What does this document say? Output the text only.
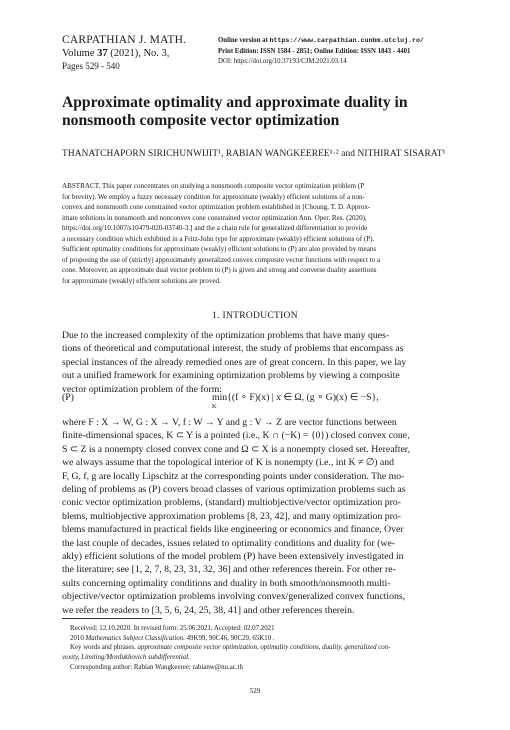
CARPATHIAN J. MATH.
Volume 37 (2021), No. 3,
Pages 529 - 540
Online version at https://www.carpathian.cunbm.utcluj.ro/
Print Edition: ISSN 1584 - 2851; Online Edition: ISSN 1843 - 4401
DOI: https://doi.org/10.37193/CJM.2021.03.14
Approximate optimality and approximate duality in
nonsmooth composite vector optimization
THANATCHAPORN SIRICHUNWIJIT¹, RABIAN WANGKEEREE¹·² and NITHIRAT SISARAT¹
ABSTRACT. This paper concentrates on studying a nonsmooth composite vector optimization problem (P
for brevity). We employ a fuzzy necessary condition for approximate (weakly) efficient solutions of a non-
convex and nonsmooth cone constrained vector optimization problem established in [Choung, T. D. Approx-
imate solutions in nonsmooth and nonconvex cone constrained vector optimization Ann. Oper. Res. (2020),
https://doi.org/10.1007/s10479-020-03740-3.] and the a chain rule for generalized differentiation to provide
a necessary condition which exhibited in a Fritz-John type for approximate (weakly) efficient solutions of (P).
Sufficient optimality conditions for approximate (weakly) efficient solutions to (P) are also provided by means
of proposing the use of (strictly) approximately generalized convex composite vector functions with respect to a
cone. Moreover, an approximate dual vector problem to (P) is given and strong and converse duality assertions
for approximate (weakly) efficient solutions are proved.
1. INTRODUCTION
Due to the increased complexity of the optimization problems that have many ques-
tions of theoretical and computational interest, the study of problems that encompass as
special instances of the already remedied ones are of great concern. In this paper, we lay
out a unified framework for examining optimization problems by viewing a composite
vector optimization problem of the form:
(P)	min{(f ∘ F)(x) | x ∈ Ω, (g ∘ G)(x) ∈ −S},
K
where F : X → W, G : X → V, f : W → Y and g : V → Z are vector functions between
finite-dimensional spaces, K ⊂ Y is a pointed (i.e., K ∩ (−K) = {0}) closed convex cone,
S ⊂ Z is a nonempty closed convex cone and Ω ⊂ X is a nonempty closed set. Hereafter,
we always assume that the topological interior of K is nonempty (i.e., int K ≠ ∅) and
F, G, f, g are locally Lipschitz at the corresponding points under consideration. The mo-
deling of problems as (P) covers broad classes of various optimization problems such as
conic vector optimization problems, (standard) multiobjective/vector optimization pro-
blems, multiobjective approximation problems [8, 23, 42], and many optimization pro-
blems manufactured in practical fields like engineering or economics and finance, Over
the last couple of decades, issues related to optimality conditions and duality for (we-
akly) efficient solutions of the model problem (P) have been extensively investigated in
the literature; see [1, 2, 7, 8, 23, 31, 32, 36] and other references therein. For other re-
sults concerning optimality conditions and duality in both smooth/nonsmooth multi-
objective/vector optimization problems involving convex/generalized convex functions,
we refer the readers to [3, 5, 6, 24, 25, 38, 41] and other references therein.
Received: 12.10.2020. In revised form: 25.06.2021. Accepted: 02.07.2021
2010 Mathematics Subject Classification. 49K99, 90C46, 90C29, 65K10 .
Key words and phrases. approximate composite vector optimization, optimality conditions, duality, generalized con-
vexity, Limiting/Mordukhovich subdifferential.
Corresponding author: Rabian Wangkeeree; rabianw@nu.ac.th
529
